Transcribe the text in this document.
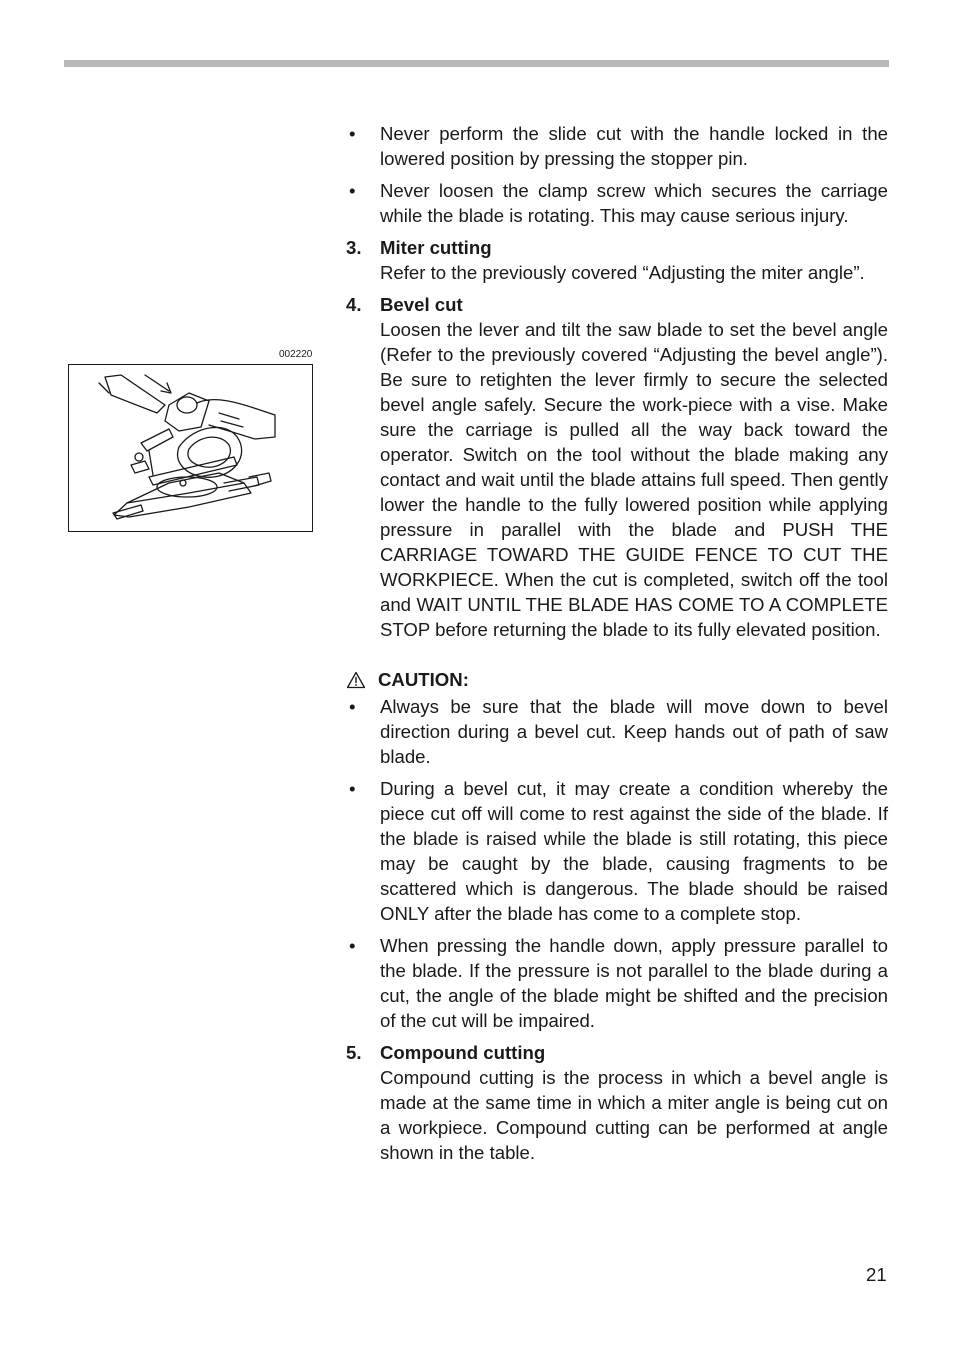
002220
• Never perform the slide cut with the handle locked in the lowered position by pressing the stopper pin.
• Never loosen the clamp screw which secures the carriage while the blade is rotating. This may cause serious injury.
3. Miter cutting
Refer to the previously covered “Adjusting the miter angle”.
4. Bevel cut
Loosen the lever and tilt the saw blade to set the bevel angle (Refer to the previously covered “Adjusting the bevel angle”). Be sure to retighten the lever firmly to secure the selected bevel angle safely. Secure the work-piece with a vise. Make sure the carriage is pulled all the way back toward the operator. Switch on the tool without the blade making any contact and wait until the blade attains full speed. Then gently lower the handle to the fully lowered position while applying pressure in parallel with the blade and PUSH THE CARRIAGE TOWARD THE GUIDE FENCE TO CUT THE WORKPIECE. When the cut is completed, switch off the tool and WAIT UNTIL THE BLADE HAS COME TO A COMPLETE STOP before returning the blade to its fully elevated position.
CAUTION:
• Always be sure that the blade will move down to bevel direction during a bevel cut. Keep hands out of path of saw blade.
• During a bevel cut, it may create a condition whereby the piece cut off will come to rest against the side of the blade. If the blade is raised while the blade is still rotating, this piece may be caught by the blade, causing fragments to be scattered which is dangerous. The blade should be raised ONLY after the blade has come to a complete stop.
• When pressing the handle down, apply pressure parallel to the blade. If the pressure is not parallel to the blade during a cut, the angle of the blade might be shifted and the precision of the cut will be impaired.
5. Compound cutting
Compound cutting is the process in which a bevel angle is made at the same time in which a miter angle is being cut on a workpiece. Compound cutting can be performed at angle shown in the table.
21
